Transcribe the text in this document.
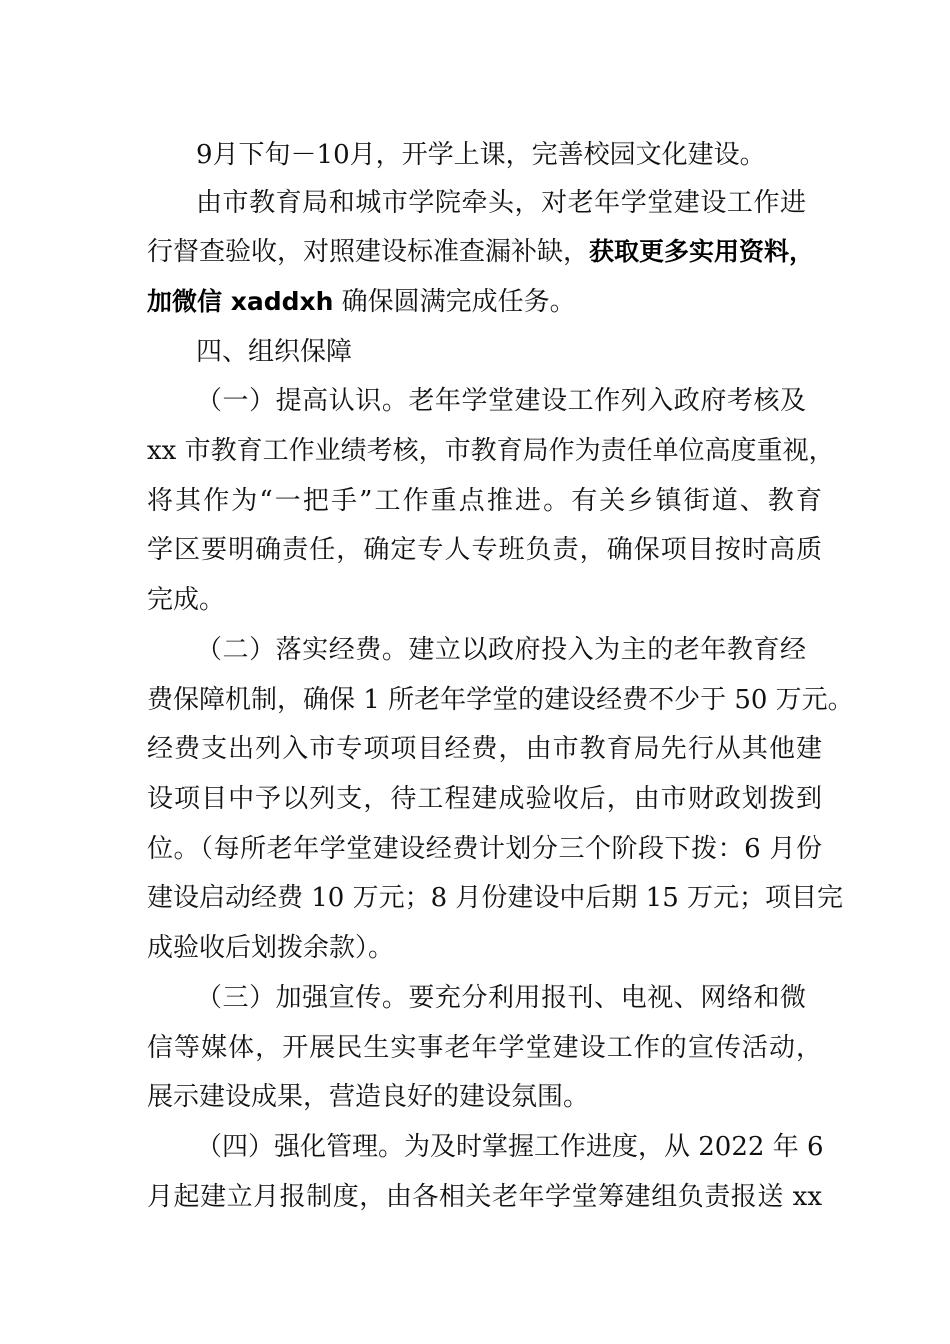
9月下旬－10月，开学上课，完善校园文化建设。
由市教育局和城市学院牵头，对老年学堂建设工作进
行督查验收，对照建设标准查漏补缺，获取更多实用资料，
加微信 xaddxh 确保圆满完成任务。
四、组织保障
（一）提高认识。老年学堂建设工作列入政府考核及
xx 市教育工作业绩考核，市教育局作为责任单位高度重视，
将其作为“一把手”工作重点推进。有关乡镇街道、教育
学区要明确责任，确定专人专班负责，确保项目按时高质
完成。
（二）落实经费。建立以政府投入为主的老年教育经
费保障机制，确保 1 所老年学堂的建设经费不少于 50 万元。
经费支出列入市专项项目经费，由市教育局先行从其他建
设项目中予以列支，待工程建成验收后，由市财政划拨到
位。（每所老年学堂建设经费计划分三个阶段下拨：6 月份
建设启动经费 10 万元；8 月份建设中后期 15 万元；项目完
成验收后划拨余款）。
（三）加强宣传。要充分利用报刊、电视、网络和微
信等媒体，开展民生实事老年学堂建设工作的宣传活动，
展示建设成果，营造良好的建设氛围。
（四）强化管理。为及时掌握工作进度，从 2022 年 6
月起建立月报制度，由各相关老年学堂筹建组负责报送 xx
